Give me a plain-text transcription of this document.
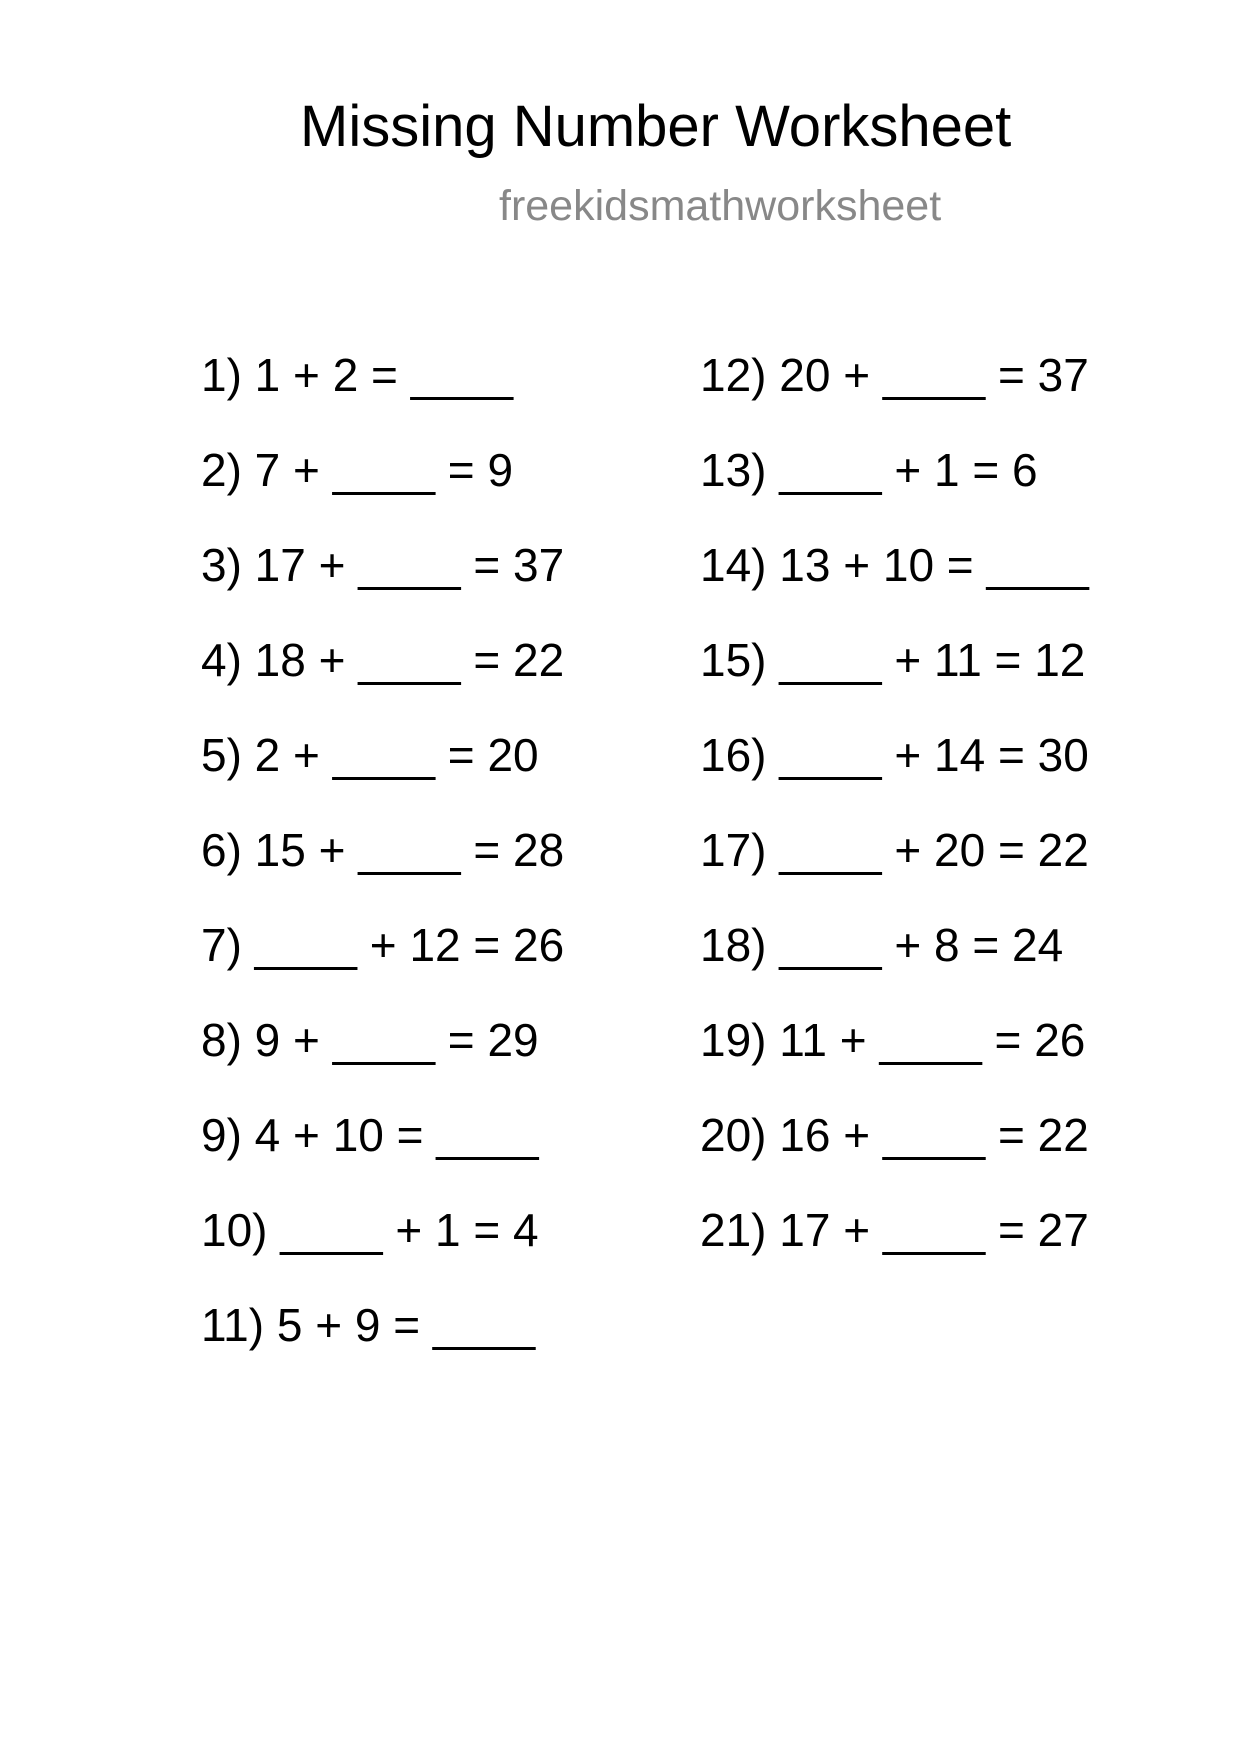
Missing Number Worksheet
freekidsmathworksheet
1) 1 + 2 = ____
2) 7 + ____ = 9
3) 17 + ____ = 37
4) 18 + ____ = 22
5) 2 + ____ = 20
6) 15 + ____ = 28
7) ____ + 12 = 26
8) 9 + ____ = 29
9) 4 + 10 = ____
10) ____ + 1 = 4
11) 5 + 9 = ____
12) 20 + ____ = 37
13) ____ + 1 = 6
14) 13 + 10 = ____
15) ____ + 11 = 12
16) ____ + 14 = 30
17) ____ + 20 = 22
18) ____ + 8 = 24
19) 11 + ____ = 26
20) 16 + ____ = 22
21) 17 + ____ = 27
